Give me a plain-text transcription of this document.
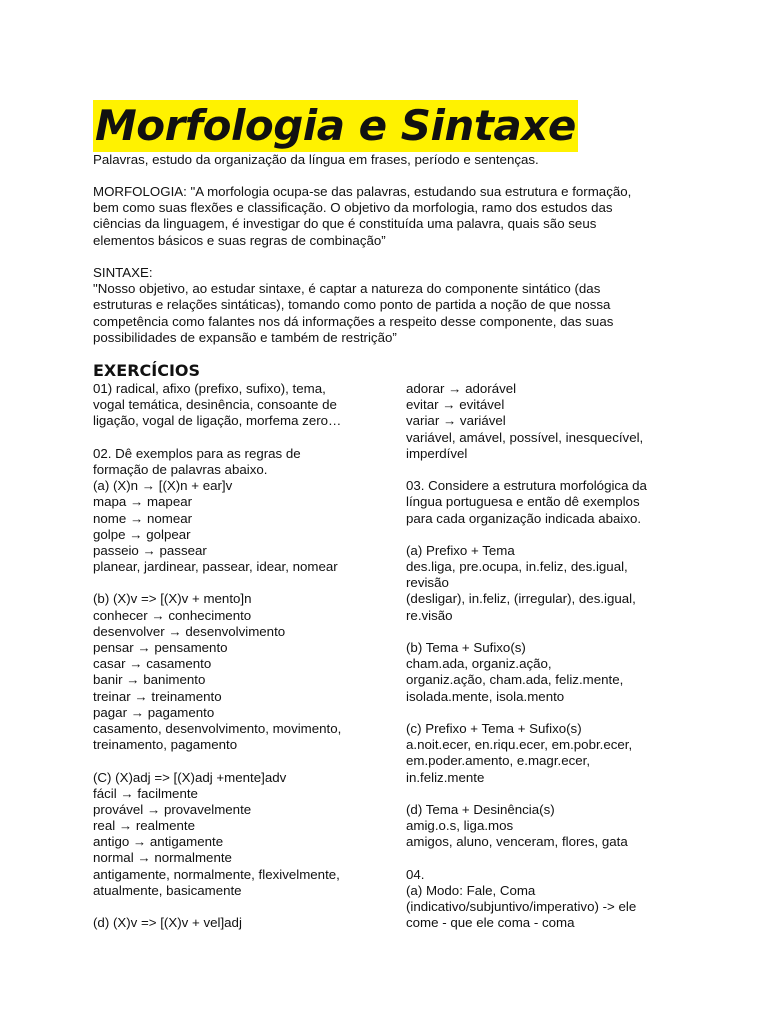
Morfologia e Sintaxe
Palavras, estudo da organização da língua em frases, período e sentenças.
MORFOLOGIA: "A morfologia ocupa-se das palavras, estudando sua estrutura e formação,
bem como suas flexões e classificação. O objetivo da morfologia, ramo dos estudos das
ciências da linguagem, é investigar do que é constituída uma palavra, quais são seus
elementos básicos e suas regras de combinação”
SINTAXE:
"Nosso objetivo, ao estudar sintaxe, é captar a natureza do componente sintático (das
estruturas e relações sintáticas), tomando como ponto de partida a noção de que nossa
competência como falantes nos dá informações a respeito desse componente, das suas
possibilidades de expansão e também de restrição”
EXERCÍCIOS
01) radical, afixo (prefixo, sufixo), tema,
vogal temática, desinência, consoante de
ligação, vogal de ligação, morfema zero…
02. Dê exemplos para as regras de
formação de palavras abaixo.
(a) (X)n → [(X)n + ear]v
mapa → mapear
nome → nomear
golpe → golpear
passeio → passear
planear, jardinear, passear, idear, nomear
(b) (X)v => [(X)v + mento]n
conhecer → conhecimento
desenvolver → desenvolvimento
pensar → pensamento
casar → casamento
banir → banimento
treinar → treinamento
pagar → pagamento
casamento, desenvolvimento, movimento,
treinamento, pagamento
(C) (X)adj => [(X)adj +mente]adv
fácil → facilmente
provável → provavelmente
real → realmente
antigo → antigamente
normal → normalmente
antigamente, normalmente, flexivelmente,
atualmente, basicamente
(d) (X)v => [(X)v + vel]adj
adorar → adorável
evitar → evitável
variar → variável
variável, amável, possível, inesquecível,
imperdível
03. Considere a estrutura morfológica da
língua portuguesa e então dê exemplos
para cada organização indicada abaixo.
(a) Prefixo + Tema
des.liga, pre.ocupa, in.feliz, des.igual,
revisão
(desligar), in.feliz, (irregular), des.igual,
re.visão
(b) Tema + Sufixo(s)
cham.ada, organiz.ação,
organiz.ação, cham.ada, feliz.mente,
isolada.mente, isola.mento
(c) Prefixo + Tema + Sufixo(s)
a.noit.ecer, en.riqu.ecer, em.pobr.ecer,
em.poder.amento, e.magr.ecer,
in.feliz.mente
(d) Tema + Desinência(s)
amig.o.s, liga.mos
amigos, aluno, venceram, flores, gata
04.
(a) Modo: Fale, Coma
(indicativo/subjuntivo/imperativo) -> ele
come - que ele coma - coma
